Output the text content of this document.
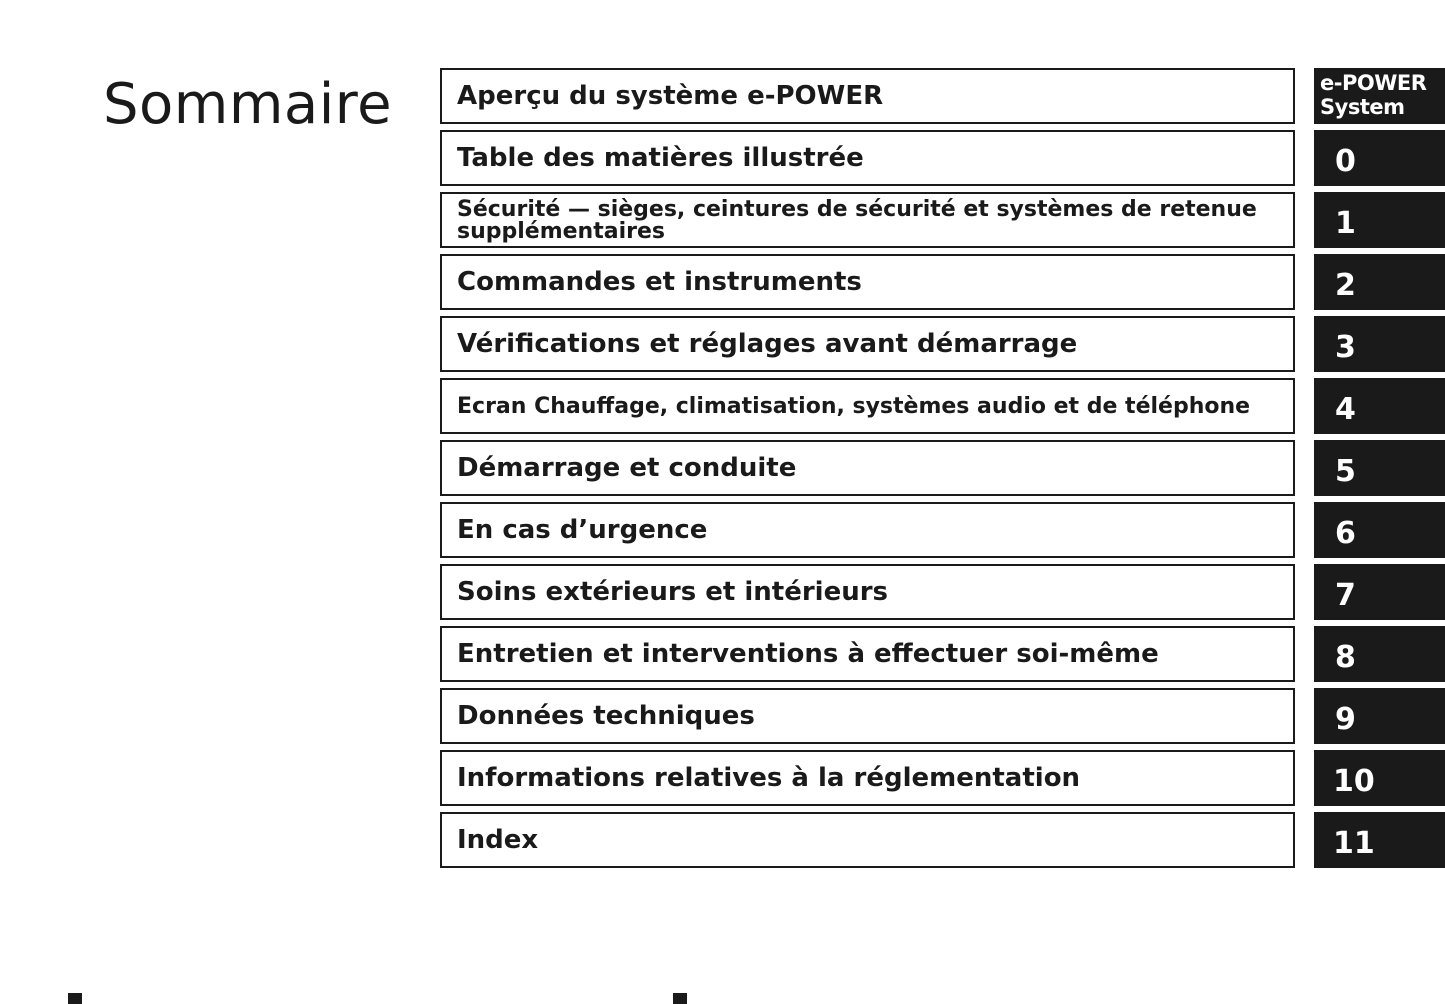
Sommaire Aperçu du système e-POWER	e-POWER
System
Table des matières illustrée	0
Sécurité — sièges, ceintures de sécurité et systèmes de retenue supplémentaires	1
Commandes et instruments	2
Vérifications et réglages avant démarrage	3
Ecran Chauffage, climatisation, systèmes audio et de téléphone	4
Démarrage et conduite	5
En cas d’urgence	6
Soins extérieurs et intérieurs	7
Entretien et interventions à effectuer soi-même	8
Données techniques	9
Informations relatives à la réglementation	10
Index	11
